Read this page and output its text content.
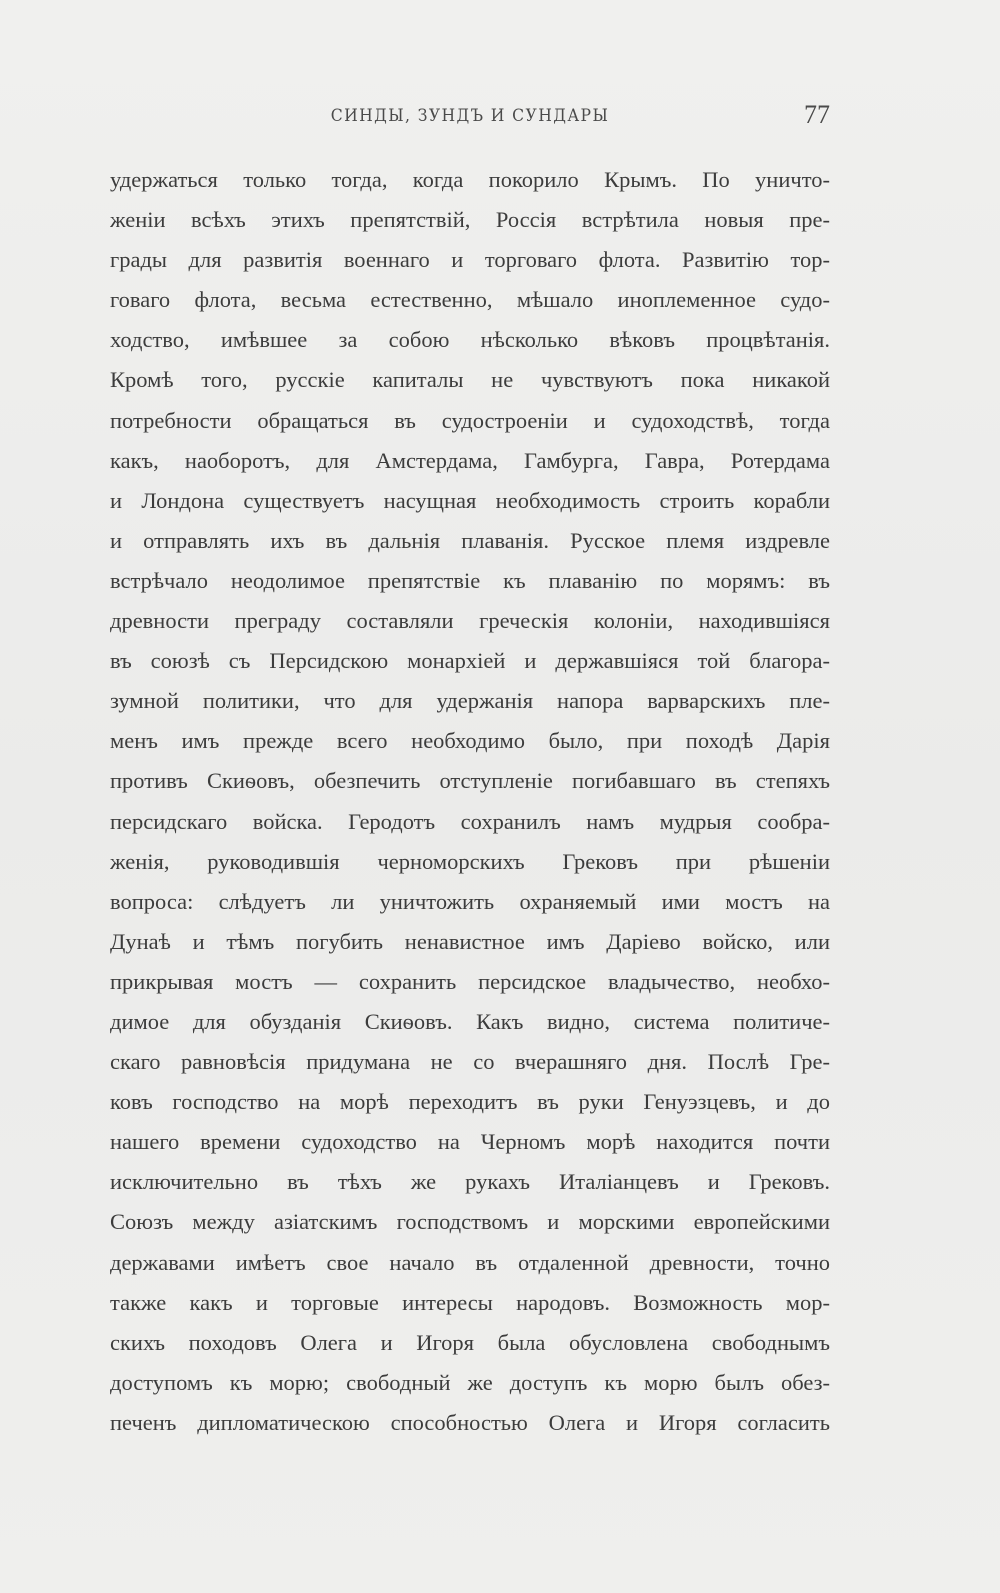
СИНДЫ, ЗУНДЪ И СУНДАРЫ	77
удержаться только тогда, когда покорило Крымъ. По уничто-
женіи всѣхъ этихъ препятствій, Россія встрѣтила новыя пре-
грады для развитія военнаго и торговаго флота. Развитію тор-
говаго флота, весьма естественно, мѣшало иноплеменное судо-
ходство, имѣвшее за собою нѣсколько вѣковъ процвѣтанія.
Кромѣ того, русскіе капиталы не чувствуютъ пока никакой
потребности обращаться въ судостроеніи и судоходствѣ, тогда
какъ, наоборотъ, для Амстердама, Гамбурга, Гавра, Ротердама
и Лондона существуетъ насущная необходимость строить корабли
и отправлять ихъ въ дальнія плаванія. Русское племя издревле
встрѣчало неодолимое препятствіе къ плаванію по морямъ: въ
древности преграду составляли греческія колоніи, находившіяся
въ союзѣ съ Персидскою монархіей и державшіяся той благора-
зумной политики, что для удержанія напора варварскихъ пле-
менъ имъ прежде всего необходимо было, при походѣ Дарія
противъ Скиѳовъ, обезпечить отступленіе погибавшаго въ степяхъ
персидскаго войска. Геродотъ сохранилъ намъ мудрыя сообра-
женія, руководившія черноморскихъ Грековъ при рѣшеніи
вопроса: слѣдуетъ ли уничтожить охраняемый ими мостъ на
Дунаѣ и тѣмъ погубить ненавистное имъ Даріево войско, или
прикрывая мостъ — сохранить персидское владычество, необхо-
димое для обузданія Скиѳовъ. Какъ видно, система политиче-
скаго равновѣсія придумана не со вчерашняго дня. Послѣ Гре-
ковъ господство на морѣ переходитъ въ руки Генуэзцевъ, и до
нашего времени судоходство на Черномъ морѣ находится почти
исключительно въ тѣхъ же рукахъ Италіанцевъ и Грековъ.
Союзъ между азіатскимъ господствомъ и морскими европейскими
державами имѣетъ свое начало въ отдаленной древности, точно
также какъ и торговые интересы народовъ. Возможность мор-
скихъ походовъ Олега и Игоря была обусловлена свободнымъ
доступомъ къ морю; свободный же доступъ къ морю былъ обез-
печенъ дипломатическою способностью Олега и Игоря согласить
